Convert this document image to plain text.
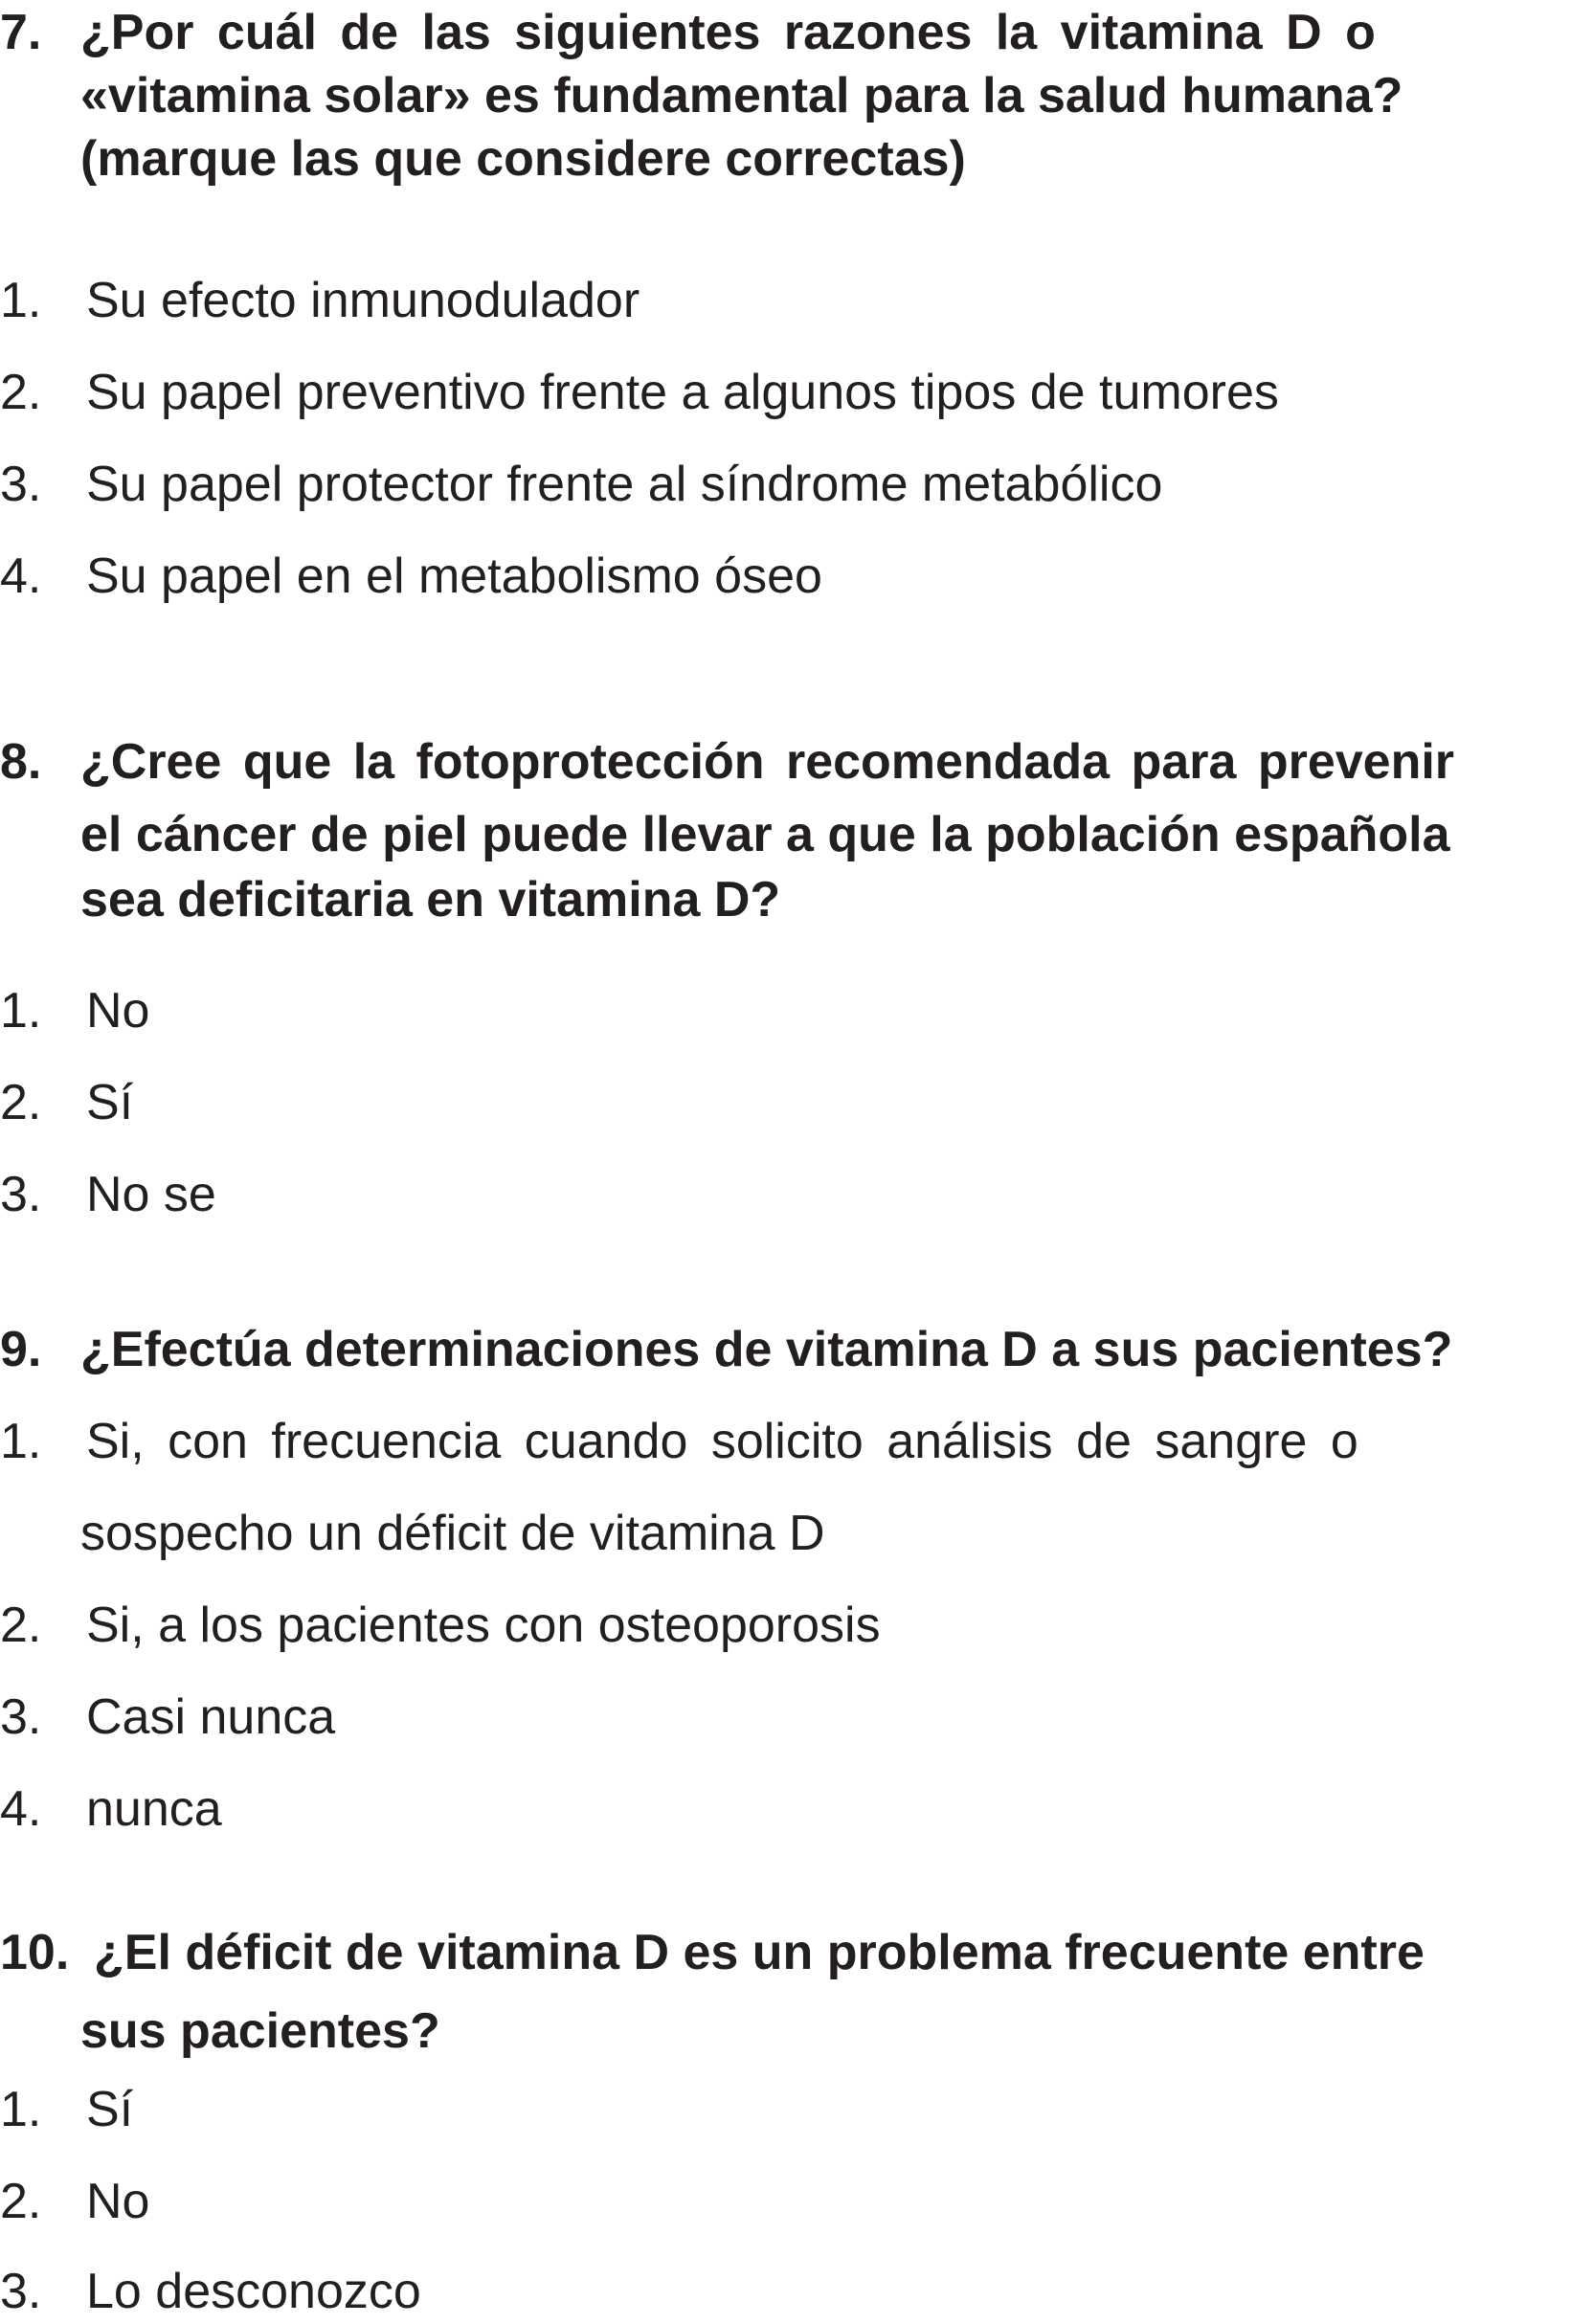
7. ¿Por cuál de las siguientes razones la vitamina D o
«vitamina solar» es fundamental para la salud humana?
(marque las que considere correctas)
1. Su efecto inmunodulador
2. Su papel preventivo frente a algunos tipos de tumores
3. Su papel protector frente al síndrome metabólico
4. Su papel en el metabolismo óseo
8. ¿Cree que la fotoprotección recomendada para prevenir
el cáncer de piel puede llevar a que la población española
sea deficitaria en vitamina D?
1. No
2. Sí
3. No se
9. ¿Efectúa determinaciones de vitamina D a sus pacientes?
1. Si, con frecuencia cuando solicito análisis de sangre o
sospecho un déficit de vitamina D
2. Si, a los pacientes con osteoporosis
3. Casi nunca
4. nunca
10. ¿El déficit de vitamina D es un problema frecuente entre
sus pacientes?
1. Sí
2. No
3. Lo desconozco
